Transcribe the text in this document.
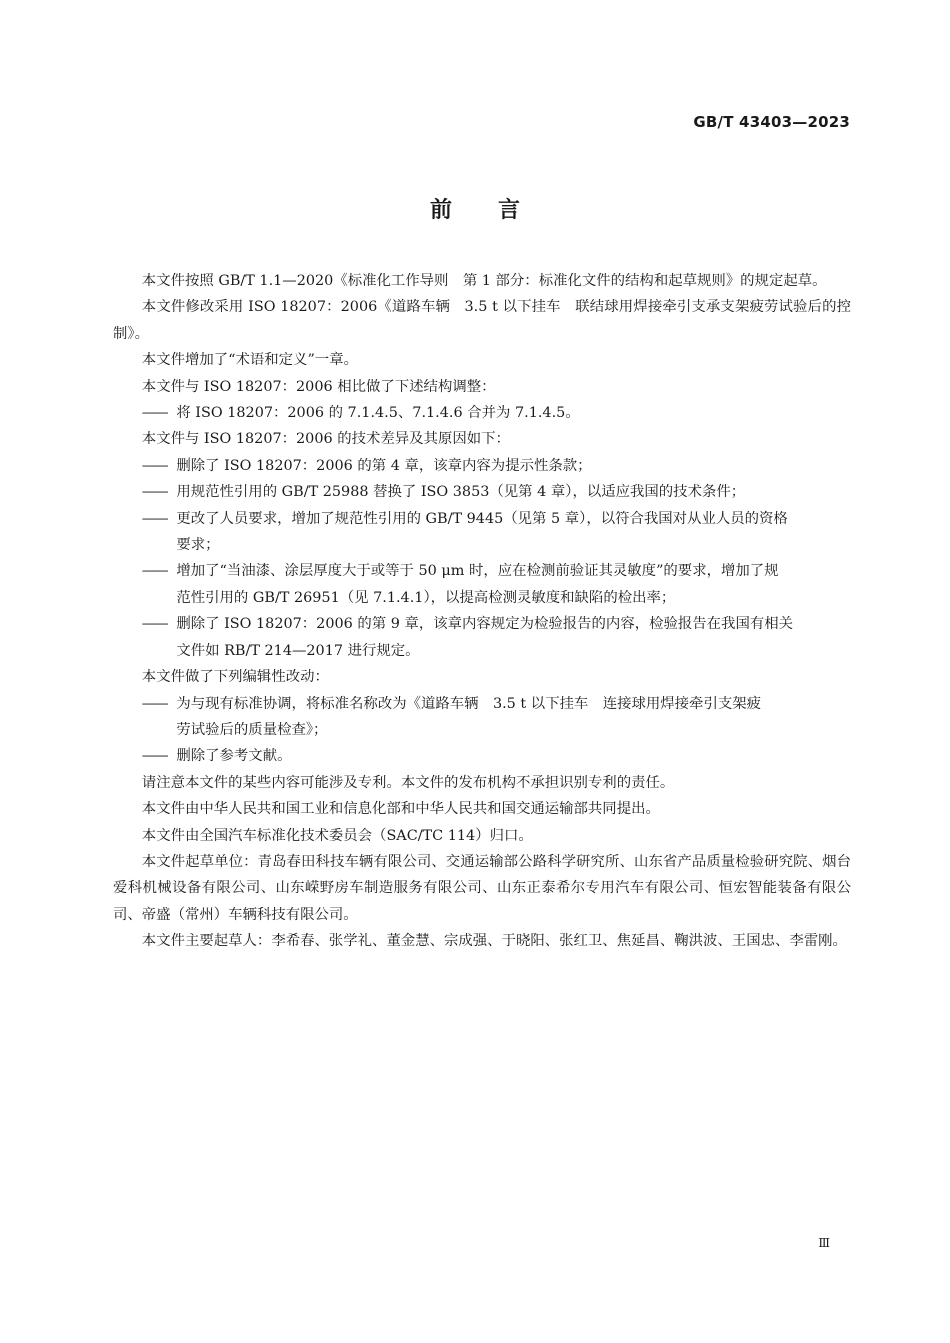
GB/T 43403—2023
前言

本文件按照 GB/T 1.1—2020《标准化工作导则　第 1 部分：标准化文件的结构和起草规则》的规定起草。

本文件修改采用 ISO 18207：2006《道路车辆　3.5 t 以下挂车　联结球用焊接牵引支承支架疲劳试验后的控制》。

本文件增加了“术语和定义”一章。

本文件与 ISO 18207：2006 相比做了下述结构调整：

—— 将 ISO 18207：2006 的 7.1.4.5、7.1.4.6 合并为 7.1.4.5。

本文件与 ISO 18207：2006 的技术差异及其原因如下：

—— 删除了 ISO 18207：2006 的第 4 章，该章内容为提示性条款；

—— 用规范性引用的 GB/T 25988 替换了 ISO 3853（见第 4 章），以适应我国的技术条件；

—— 更改了人员要求，增加了规范性引用的 GB/T 9445（见第 5 章），以符合我国对从业人员的资格
要求；

—— 增加了“当油漆、涂层厚度大于或等于 50 μm 时，应在检测前验证其灵敏度”的要求，增加了规
范性引用的 GB/T 26951（见 7.1.4.1），以提高检测灵敏度和缺陷的检出率；

—— 删除了 ISO 18207：2006 的第 9 章，该章内容规定为检验报告的内容，检验报告在我国有相关
文件如 RB/T 214—2017 进行规定。

本文件做了下列编辑性改动：

—— 为与现有标准协调，将标准名称改为《道路车辆　3.5 t 以下挂车　连接球用焊接牵引支架疲
劳试验后的质量检查》；

—— 删除了参考文献。

请注意本文件的某些内容可能涉及专利。本文件的发布机构不承担识别专利的责任。

本文件由中华人民共和国工业和信息化部和中华人民共和国交通运输部共同提出。

本文件由全国汽车标准化技术委员会（SAC/TC 114）归口。

本文件起草单位：青岛春田科技车辆有限公司、交通运输部公路科学研究所、山东省产品质量检验研究院、烟台爱科机械设备有限公司、山东嵘野房车制造服务有限公司、山东正泰希尔专用汽车有限公司、恒宏智能装备有限公司、帝盛（常州）车辆科技有限公司。

本文件主要起草人：李希春、张学礼、董金慧、宗成强、于晓阳、张红卫、焦延昌、鞠洪波、王国忠、李雷刚。

Ⅲ
